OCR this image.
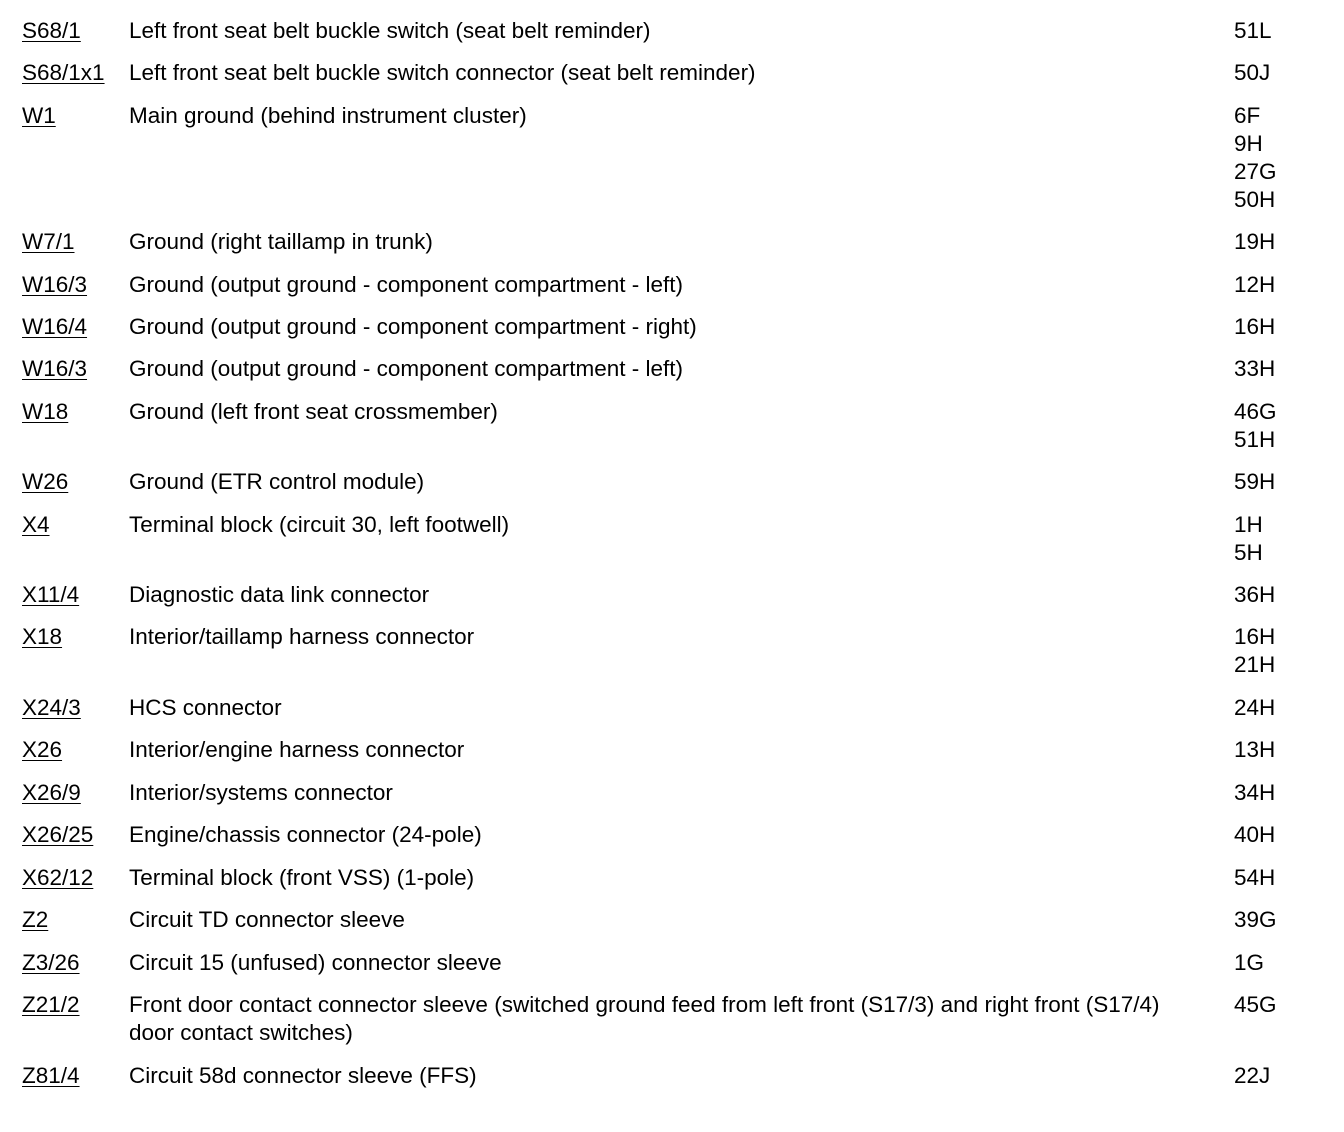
S68/1 Left front seat belt buckle switch (seat belt reminder)	51L
S68/1x1 Left front seat belt buckle switch connector (seat belt reminder)	50J
W1	Main ground (behind instrument cluster)	6F
9H
27G
50H
W7/1 Ground (right taillamp in trunk)	19H
W16/3 Ground (output ground - component compartment - left)	12H
W16/4 Ground (output ground - component compartment - right)	16H
W16/3 Ground (output ground - component compartment - left)	33H
W18	Ground (left front seat crossmember)	46G
51H
W26	Ground (ETR control module)	59H
X4	Terminal block (circuit 30, left footwell)	1H
5H
X11/4 Diagnostic data link connector	36H
X18	Interior/taillamp harness connector	16H
21H
X24/3 HCS connector	24H
X26	Interior/engine harness connector	13H
X26/9 Interior/systems connector	34H
X26/25 Engine/chassis connector (24-pole)	40H
X62/12 Terminal block (front VSS) (1-pole)	54H
Z2	Circuit TD connector sleeve	39G
Z3/26 Circuit 15 (unfused) connector sleeve	1G
Z21/2 Front door contact connector sleeve (switched ground feed from left front (S17/3) and right front (S17/4) door contact switches)
45G
Z81/4 Circuit 58d connector sleeve (FFS)	22J
